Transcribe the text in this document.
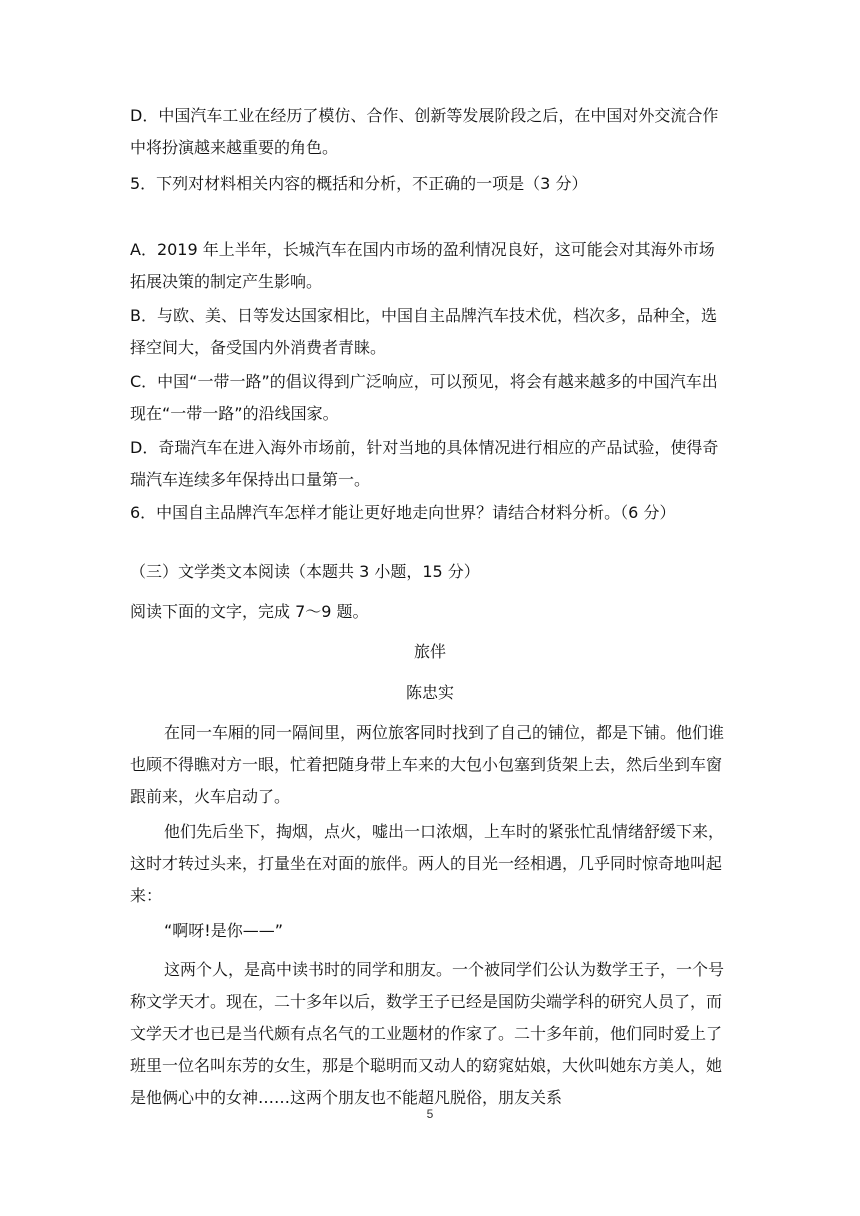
D．中国汽车工业在经历了模仿、合作、创新等发展阶段之后，在中国对外交流合作中将扮演越来越重要的角色。

5．下列对材料相关内容的概括和分析，不正确的一项是（3 分）

A．2019 年上半年，长城汽车在国内市场的盈利情况良好，这可能会对其海外市场拓展决策的制定产生影响。

B．与欧、美、日等发达国家相比，中国自主品牌汽车技术优，档次多，品种全，选择空间大，备受国内外消费者青睐。

C．中国“一带一路”的倡议得到广泛响应，可以预见，将会有越来越多的中国汽车出现在“一带一路”的沿线国家。

D．奇瑞汽车在进入海外市场前，针对当地的具体情况进行相应的产品试验，使得奇瑞汽车连续多年保持出口量第一。

6．中国自主品牌汽车怎样才能让更好地走向世界？请结合材料分析。（6 分）

（三）文学类文本阅读（本题共 3 小题，15 分）

阅读下面的文字，完成 7～9 题。

旅伴

陈忠实

在同一车厢的同一隔间里，两位旅客同时找到了自己的铺位，都是下铺。他们谁也顾不得瞧对方一眼，忙着把随身带上车来的大包小包塞到货架上去，然后坐到车窗跟前来，火车启动了。

他们先后坐下，掏烟，点火，嘘出一口浓烟，上车时的紧张忙乱情绪舒缓下来，这时才转过头来，打量坐在对面的旅伴。两人的目光一经相遇，几乎同时惊奇地叫起来：

“啊呀!是你——”

这两个人，是高中读书时的同学和朋友。一个被同学们公认为数学王子，一个号称文学天才。现在，二十多年以后，数学王子已经是国防尖端学科的研究人员了，而文学天才也已是当代颇有点名气的工业题材的作家了。二十多年前，他们同时爱上了班里一位名叫东芳的女生，那是个聪明而又动人的窈窕姑娘，大伙叫她东方美人，她是他俩心中的女神……这两个朋友也不能超凡脱俗，朋友关系

5
